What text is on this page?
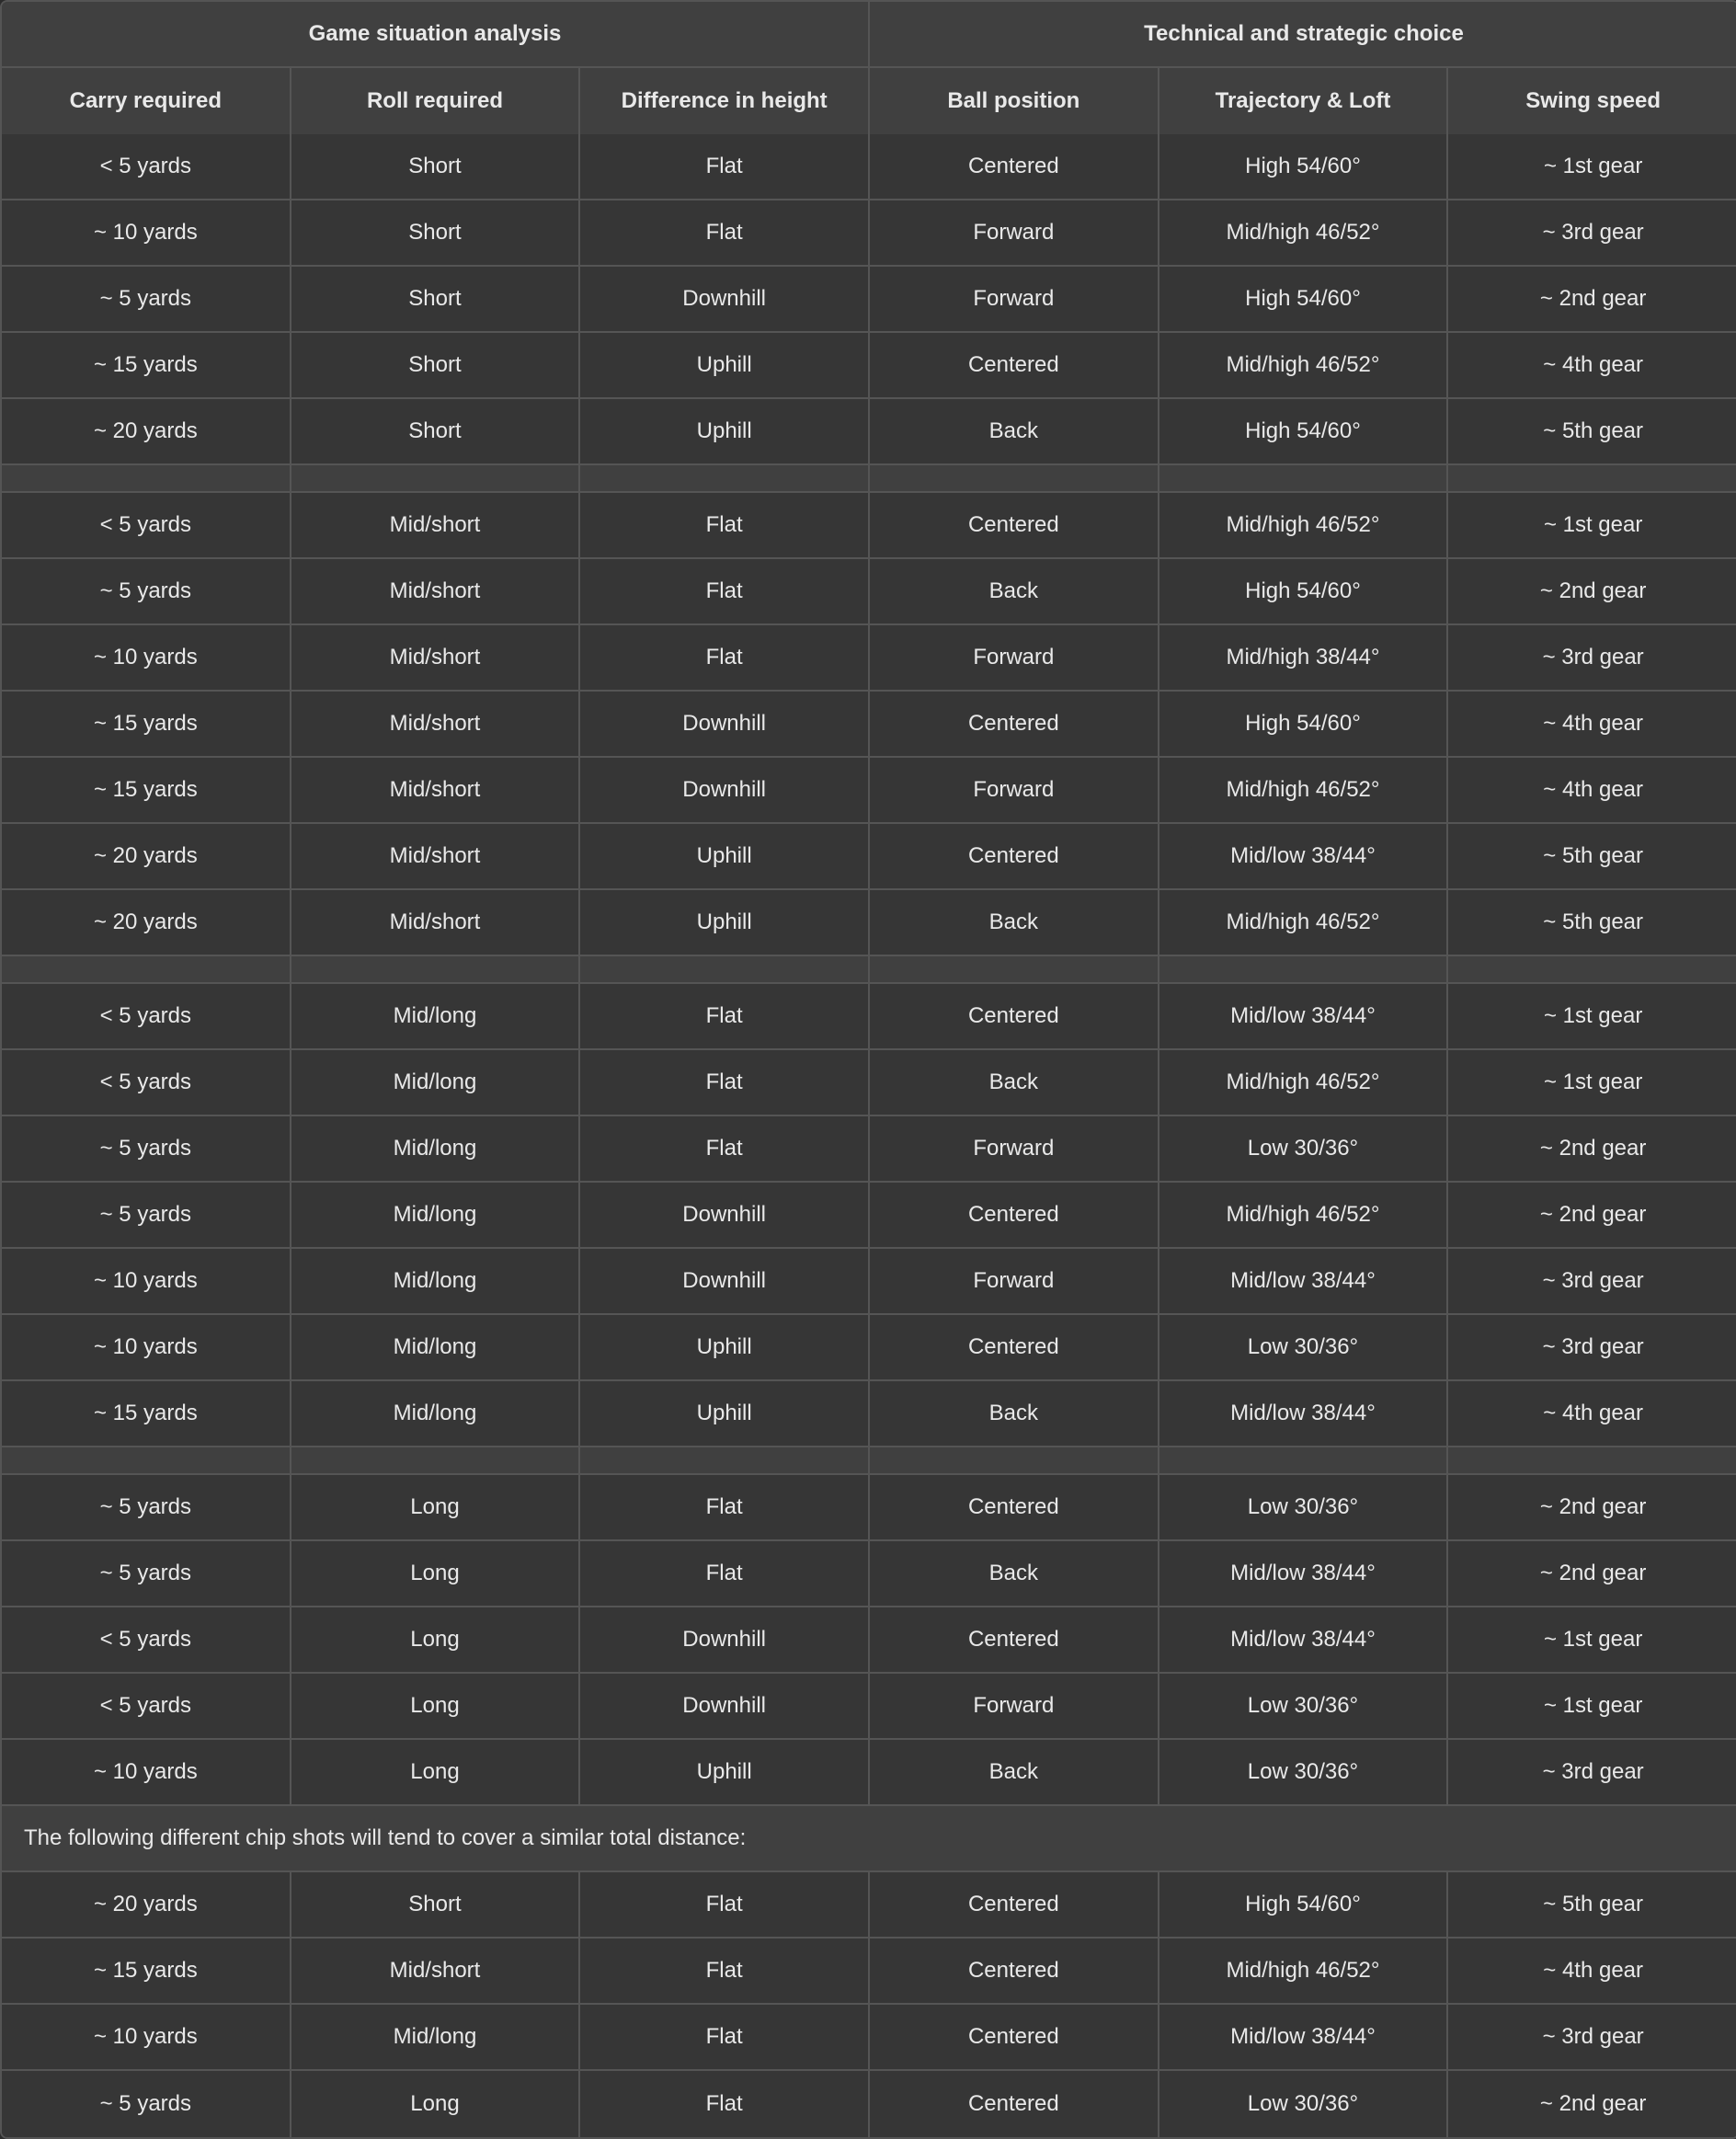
Game situation analysis			Technical and strategic choice		
Carry required	Roll required	Difference in height	Ball position	Trajectory & Loft	Swing speed
< 5 yards	Short	Flat	Centered	High 54/60°	~ 1st gear
~ 10 yards	Short	Flat	Forward	Mid/high 46/52°	~ 3rd gear
~ 5 yards	Short	Downhill	Forward	High 54/60°	~ 2nd gear
~ 15 yards	Short	Uphill	Centered	Mid/high 46/52°	~ 4th gear
~ 20 yards	Short	Uphill	Back	High 54/60°	~ 5th gear

< 5 yards	Mid/short	Flat	Centered	Mid/high 46/52°	~ 1st gear
~ 5 yards	Mid/short	Flat	Back	High 54/60°	~ 2nd gear
~ 10 yards	Mid/short	Flat	Forward	Mid/high 38/44°	~ 3rd gear
~ 15 yards	Mid/short	Downhill	Centered	High 54/60°	~ 4th gear
~ 15 yards	Mid/short	Downhill	Forward	Mid/high 46/52°	~ 4th gear
~ 20 yards	Mid/short	Uphill	Centered	Mid/low 38/44°	~ 5th gear
~ 20 yards	Mid/short	Uphill	Back	Mid/high 46/52°	~ 5th gear

< 5 yards	Mid/long	Flat	Centered	Mid/low 38/44°	~ 1st gear
< 5 yards	Mid/long	Flat	Back	Mid/high 46/52°	~ 1st gear
~ 5 yards	Mid/long	Flat	Forward	Low 30/36°	~ 2nd gear
~ 5 yards	Mid/long	Downhill	Centered	Mid/high 46/52°	~ 2nd gear
~ 10 yards	Mid/long	Downhill	Forward	Mid/low 38/44°	~ 3rd gear
~ 10 yards	Mid/long	Uphill	Centered	Low 30/36°	~ 3rd gear
~ 15 yards	Mid/long	Uphill	Back	Mid/low 38/44°	~ 4th gear

~ 5 yards	Long	Flat	Centered	Low 30/36°	~ 2nd gear
~ 5 yards	Long	Flat	Back	Mid/low 38/44°	~ 2nd gear
< 5 yards	Long	Downhill	Centered	Mid/low 38/44°	~ 1st gear
< 5 yards	Long	Downhill	Forward	Low 30/36°	~ 1st gear
~ 10 yards	Long	Uphill	Back	Low 30/36°	~ 3rd gear
The following different chip shots will tend to cover a similar total distance:					
~ 20 yards	Short	Flat	Centered	High 54/60°	~ 5th gear
~ 15 yards	Mid/short	Flat	Centered	Mid/high 46/52°	~ 4th gear
~ 10 yards	Mid/long	Flat	Centered	Mid/low 38/44°	~ 3rd gear
~ 5 yards	Long	Flat	Centered	Low 30/36°	~ 2nd gear
